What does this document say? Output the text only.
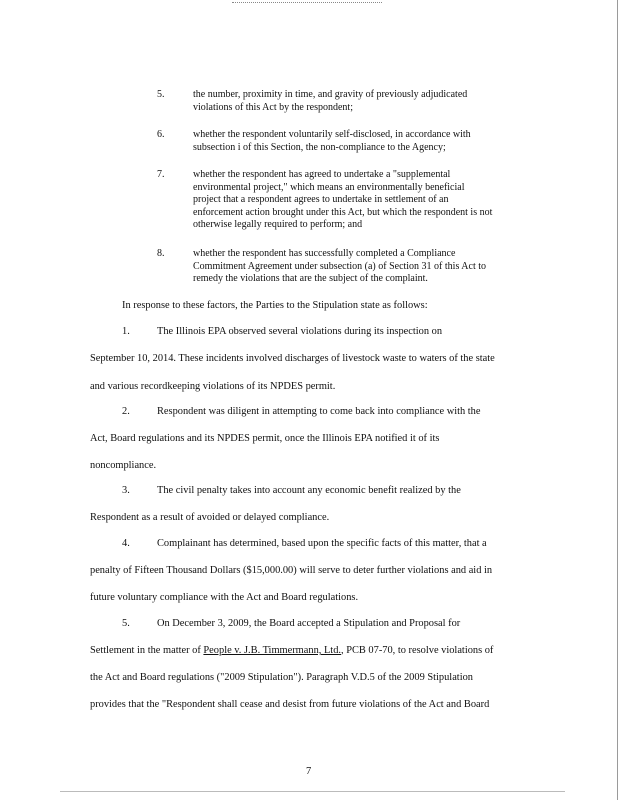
5.	the number, proximity in time, and gravity of previously adjudicated
violations of this Act by the respondent;
6.	whether the respondent voluntarily self-disclosed, in accordance with
subsection i of this Section, the non-compliance to the Agency;
7.	whether the respondent has agreed to undertake a "supplemental
environmental project," which means an environmentally beneficial
project that a respondent agrees to undertake in settlement of an
enforcement action brought under this Act, but which the respondent is not
otherwise legally required to perform; and
8.	whether the respondent has successfully completed a Compliance
Commitment Agreement under subsection (a) of Section 31 of this Act to
remedy the violations that are the subject of the complaint.
In response to these factors, the Parties to the Stipulation state as follows:
1.	The Illinois EPA observed several violations during its inspection on
September 10, 2014. These incidents involved discharges of livestock waste to waters of the state
and various recordkeeping violations of its NPDES permit.
2.	Respondent was diligent in attempting to come back into compliance with the
Act, Board regulations and its NPDES permit, once the Illinois EPA notified it of its
noncompliance.
3.	The civil penalty takes into account any economic benefit realized by the
Respondent as a result of avoided or delayed compliance.
4.	Complainant has determined, based upon the specific facts of this matter, that a
penalty of Fifteen Thousand Dollars ($15,000.00) will serve to deter further violations and aid in
future voluntary compliance with the Act and Board regulations.
5.	On December 3, 2009, the Board accepted a Stipulation and Proposal for
Settlement in the matter of People v. J.B. Timmermann, Ltd., PCB 07-70, to resolve violations of
the Act and Board regulations ("2009 Stipulation"). Paragraph V.D.5 of the 2009 Stipulation
provides that the "Respondent shall cease and desist from future violations of the Act and Board
7
